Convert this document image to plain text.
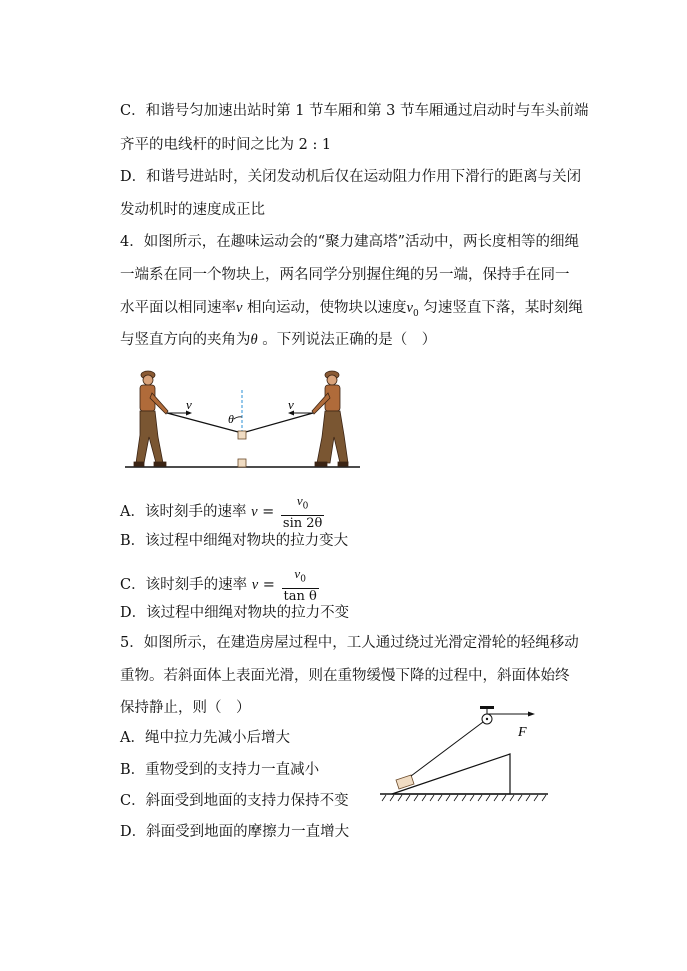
C．和谐号匀加速出站时第 1 节车厢和第 3 节车厢通过启动时与车头前端
齐平的电线杆的时间之比为 2 : 1
D．和谐号进站时，关闭发动机后仅在运动阻力作用下滑行的距离与关闭
发动机时的速度成正比
4．如图所示，在趣味运动会的“聚力建高塔”活动中，两长度相等的细绳
一端系在同一个物块上，两名同学分别握住绳的另一端，保持手在同一
水平面以相同速率v 相向运动，使物块以速度$v_0$ 匀速竖直下落，某时刻绳
与竖直方向的夹角为θ 。下列说法正确的是（　）
v	v
θ
A．该时刻手的速率 $v = \frac{v_0}{\sin 2\theta}$
B．该过程中细绳对物块的拉力变大
C．该时刻手的速率 $v = \frac{v_0}{\text{tan θ}}$
D．该过程中细绳对物块的拉力不变
5．如图所示，在建造房屋过程中，工人通过绕过光滑定滑轮的轻绳移动
重物。若斜面体上表面光滑，则在重物缓慢下降的过程中，斜面体始终
保持静止，则（　）
A．绳中拉力先减小后增大
B．重物受到的支持力一直减小
C．斜面受到地面的支持力保持不变
D．斜面受到地面的摩擦力一直增大
F
